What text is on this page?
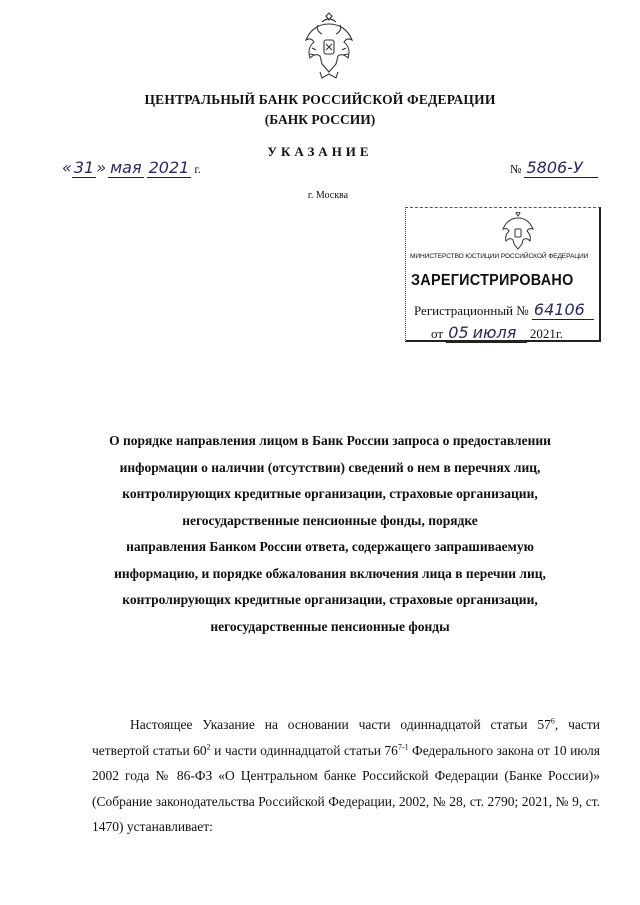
ЦЕНТРАЛЬНЫЙ БАНК РОССИЙСКОЙ ФЕДЕРАЦИИ
(БАНК РОССИИ)
УКАЗАНИЕ
« 31 » мая 2021 г.	№ 5806-У
г. Москва
МИНИСТЕРСТВО ЮСТИЦИИ РОССИЙСКОЙ ФЕДЕРАЦИИ
ЗАРЕГИСТРИРОВАНО
Регистрационный № 64106
от 05 июля 2021г.
О порядке направления лицом в Банк России запроса о предоставлении
информации о наличии (отсутствии) сведений о нем в перечнях лиц,
контролирующих кредитные организации, страховые организации,
негосударственные пенсионные фонды, порядке
направления Банком России ответа, содержащего запрашиваемую
информацию, и порядке обжалования включения лица в перечни лиц,
контролирующих кредитные организации, страховые организации,
негосударственные пенсионные фонды
Настоящее Указание на основании части одиннадцатой статьи $57^6$, части четвертой статьи $60^2$ и части одиннадцатой статьи 76$^{7-1}$ Федерального закона от 10 июля 2002 года № 86-ФЗ «О Центральном банке Российской Федерации (Банке России)» (Собрание законодательства Российской Федерации, 2002, № 28, ст. 2790; 2021, № 9, ст. 1470) устанавливает:
